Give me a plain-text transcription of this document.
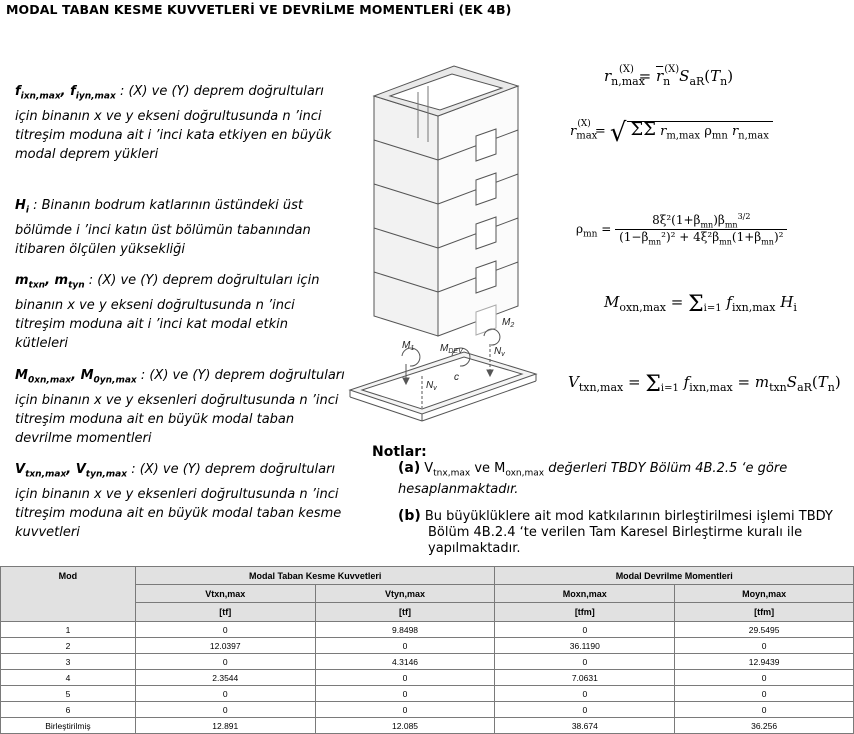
MODAL TABAN KESME KUVVETLERİ VE DEVRİLME MOMENTLERİ (EK 4B)
$f_{ixn,max}$, $f_{iyn,max}$ : (X) ve (Y) deprem doğrultuları için binanın x ve y ekseni doğrultusunda n ’inci titreşim moduna ait i ’inci kata etkiyen en büyük modal deprem yükleri
$H_i$ : Binanın bodrum katlarının üstündeki üst bölümde i ’inci katın üst bölümün tabanından itibaren ölçülen yüksekliği
$m_{txn}$, $m_{tyn}$ : (X) ve (Y) deprem doğrultuları için binanın x ve y ekseni doğrultusunda n ’inci titreşim moduna ait i ’inci kat modal etkin kütleleri
$M_{0xn,max}$, $M_{0yn,max}$ : (X) ve (Y) deprem doğrultuları için binanın x ve y eksenleri doğrultusunda n ’inci titreşim moduna ait en büyük modal taban devrilme momentleri
$V_{txn,max}$, $V_{tyn,max}$ : (X) ve (Y) deprem doğrultuları için binanın x ve y eksenleri doğrultusunda n ’inci titreşim moduna ait en büyük modal taban kesme kuvvetleri
$M_1$	$M_{DEV}$
$M_2$
$N_v$
$N_v$
c
$r_{n,max}^{(X)} = \overline{r}_n^{(X)}S_{aR}(T_n)$
$r_{max}^{(X)}$ = √ ΣΣ $r_{m,max}$ $\rho_{mn}$ $r_{n,max}$
$\rho_{mn}$ =
$8\xi^2(1+\beta_{mn})\beta_{mn}^{3/2}$
$(1-\beta_{mn}^2)^2 + 4\xi^2\beta_{mn}(1+\beta_{mn})^2$
$M_{oxn,max} = \Sigma_{i=1}$ $f_{ixn,max}$ $H_i$
$V_{txn,max} = \Sigma_{i=1}$ $f_{ixn,max} = m_{txn}S_{aR}(T_n)$
Notlar:
(a) $V_{tnx,max}$ ve $M_{oxn,max}$ değerleri TBDY Bölüm 4B.2.5 ‘e göre hesaplanmaktadır.
(b) Bu büyüklüklere ait mod katkılarının birleştirilmesi işlemi TBDY Bölüm 4B.2.4 ‘te verilen Tam Karesel Birleştirme kuralı ile yapılmaktadır.
Mod	Modal Taban Kesme Kuvvetleri		Modal Devrilme Momentleri	
	Vtxn,max	Vtyn,max	Moxn,max	Moyn,max
	[tf]	[tf]	[tfm]	[tfm]
1	0	9.8498	0	29.5495
2	12.0397	0	36.1190	0
3	0	4.3146	0	12.9439
4	2.3544	0	7.0631	0
5	0	0	0	0
6	0	0	0	0
Birleştirilmiş	12.891	12.085	38.674	36.256
